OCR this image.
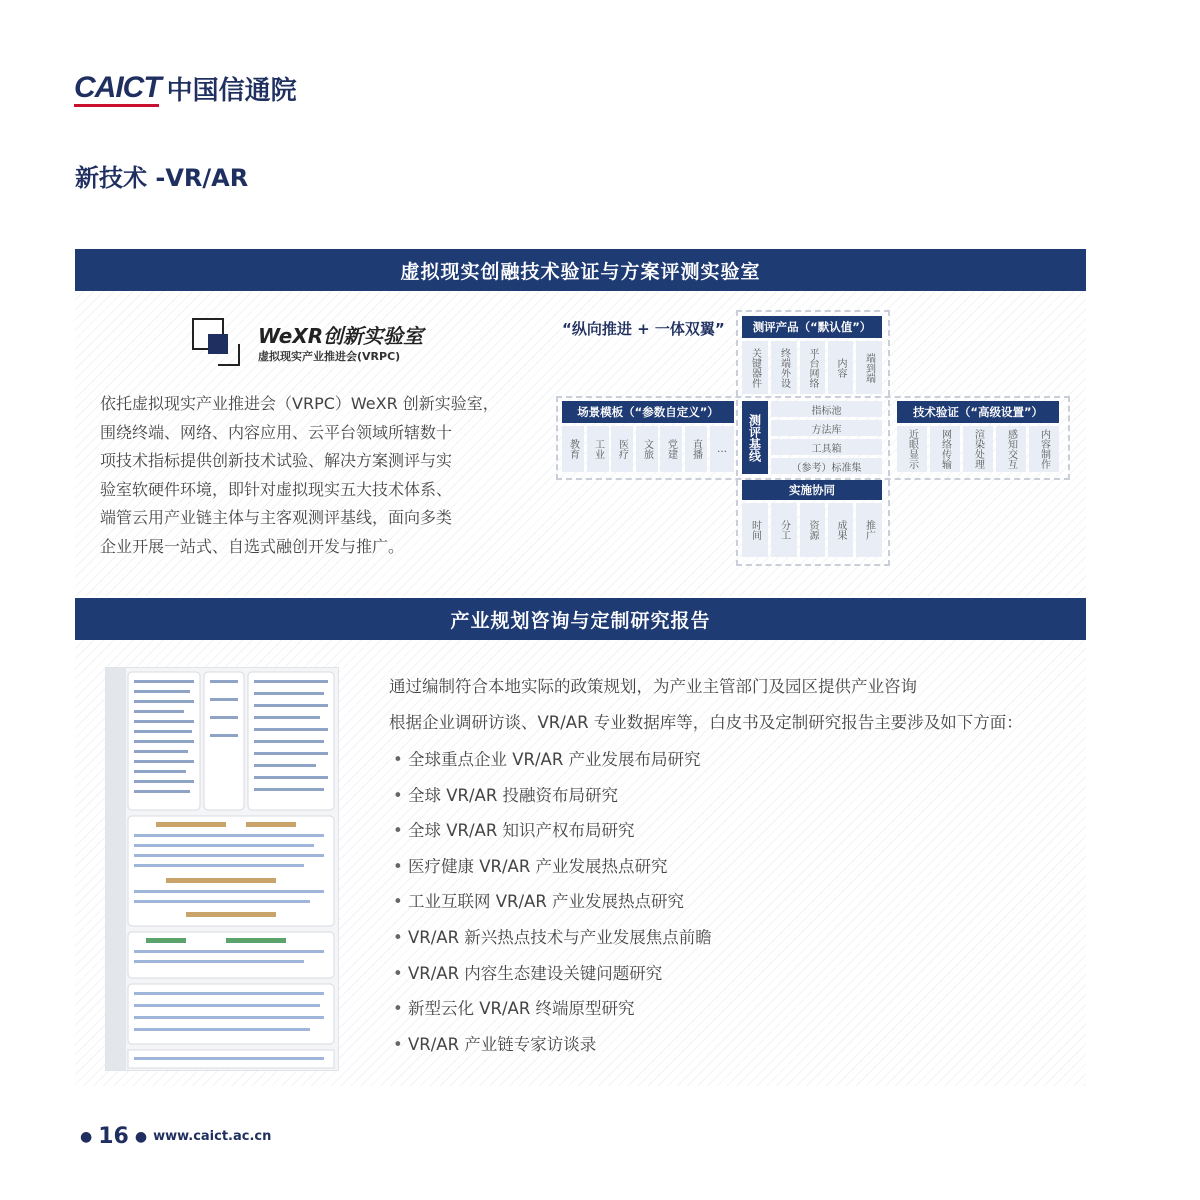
CAICT 中国信通院
新技术 -VR/AR
虚拟现实创融技术验证与方案评测实验室
WeXR创新实验室
虚拟现实产业推进会(VRPC)
依托虚拟现实产业推进会（VRPC）WeXR 创新实验室，
围绕终端、网络、内容应用、云平台领域所辖数十
项技术指标提供创新技术试验、解决方案测评与实
验室软硬件环境，即针对虚拟现实五大技术体系、
端管云用产业链主体与主客观测评基线，面向多类
企业开展一站式、自选式融创开发与推广。
“纵向推进 + 一体双翼”	测评产品（“默认值”）
关键器件	终端外设	平台网络	内容	端到端
场景模板（“参数自定义”）
教育	工业	医疗	文旅	党建	直播	…	测评基线
指标池
方法库
工具箱
（参考）标准集
技术验证（“高级设置”）
近眼显示	网络传输	渲染处理	感知交互	内容制作
实施协同
时间	分工	资源	成果	推广
产业规划咨询与定制研究报告
通过编制符合本地实际的政策规划，为产业主管部门及园区提供产业咨询
根据企业调研访谈、VR/AR 专业数据库等，白皮书及定制研究报告主要涉及如下方面：
• 全球重点企业 VR/AR 产业发展布局研究
• 全球 VR/AR 投融资布局研究
• 全球 VR/AR 知识产权布局研究
• 医疗健康 VR/AR 产业发展热点研究
• 工业互联网 VR/AR 产业发展热点研究
• VR/AR 新兴热点技术与产业发展焦点前瞻
• VR/AR 内容生态建设关键问题研究
• 新型云化 VR/AR 终端原型研究
• VR/AR 产业链专家访谈录
● 16 ● www.caict.ac.cn
